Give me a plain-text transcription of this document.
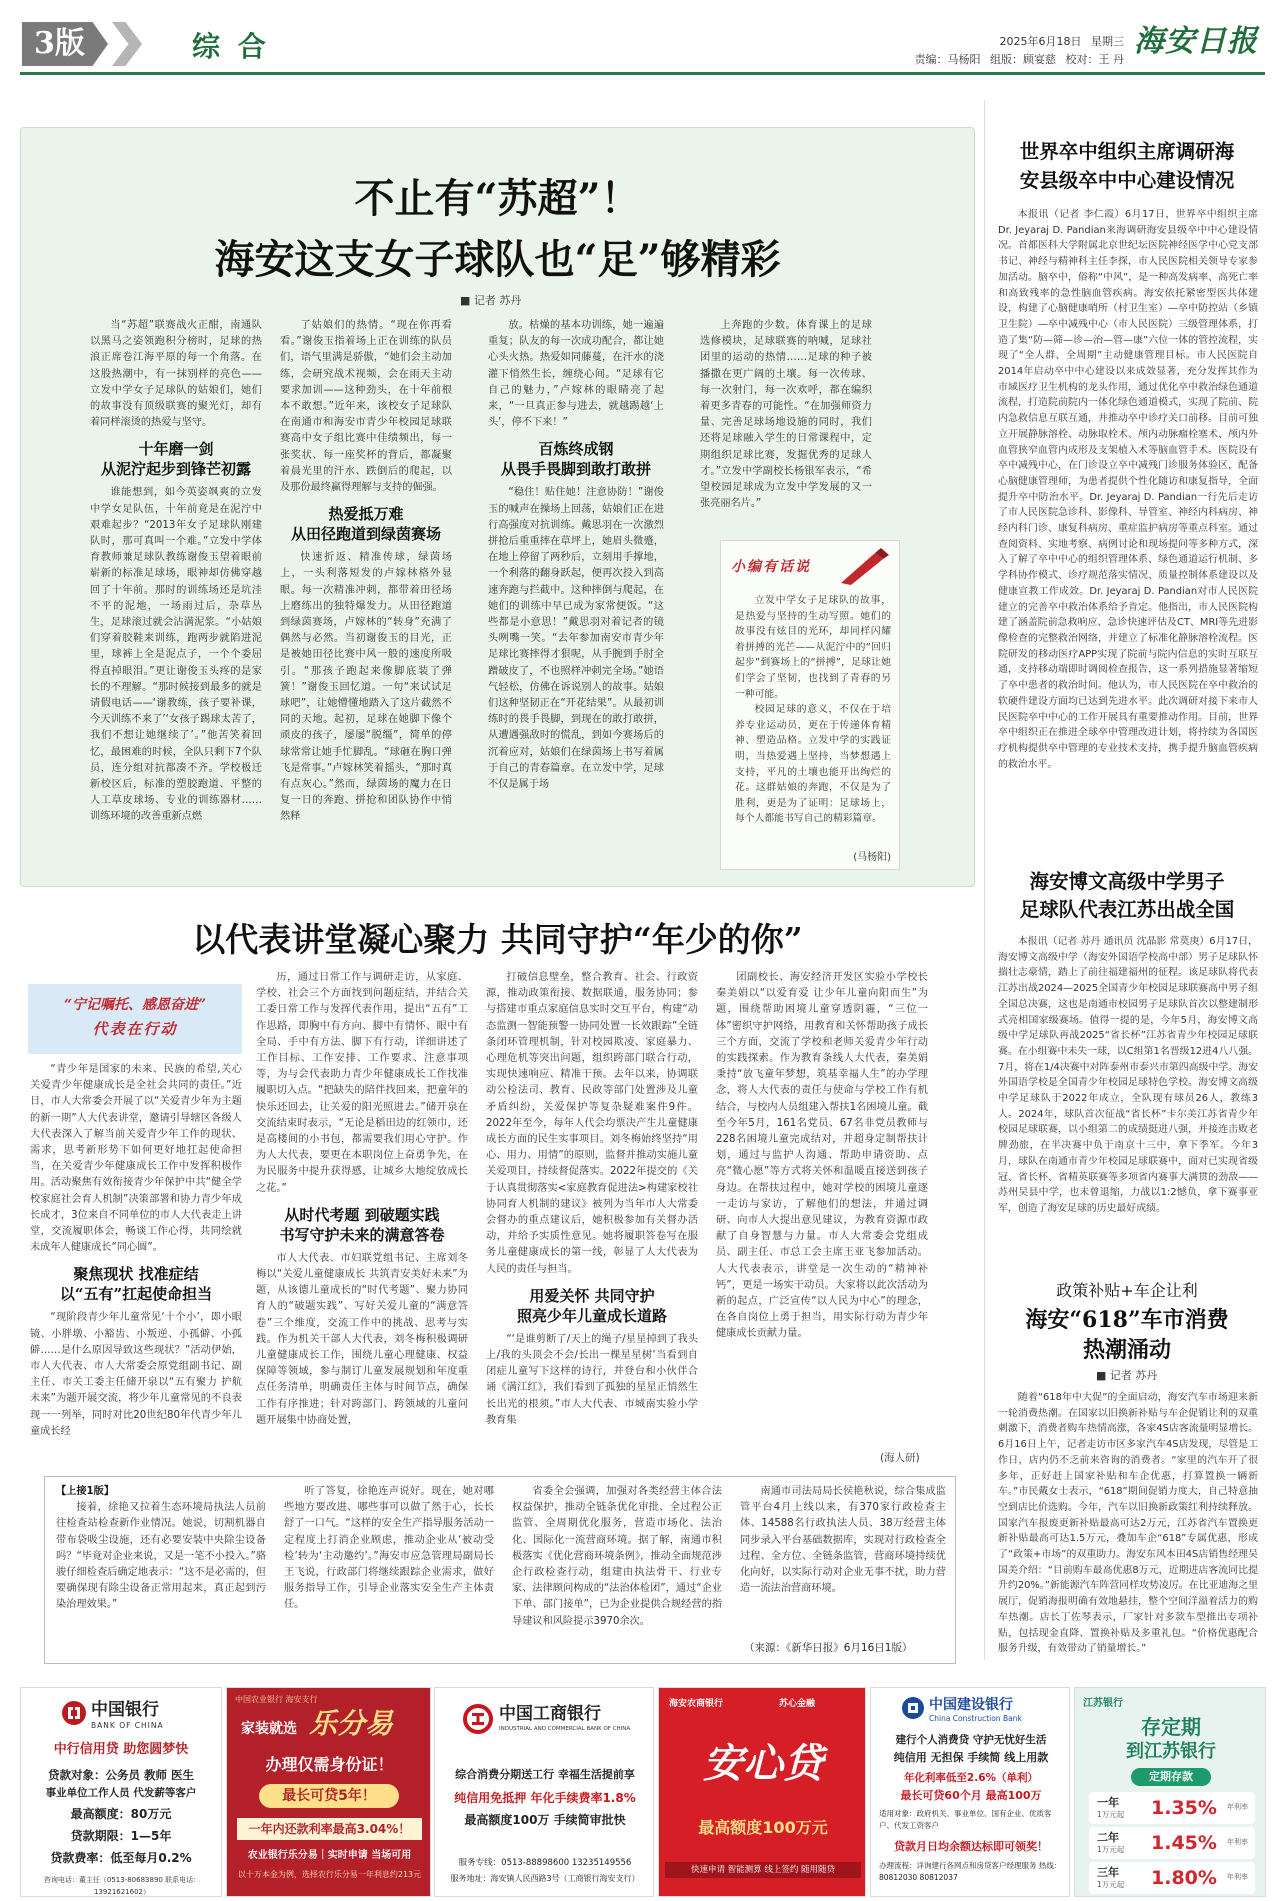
3版	综 合	2025年6月18日 星期三
责编：马杨阳 组版：顾宴慈 校对：王 丹
海安日报
不止有“苏超”！
海安这支女子球队也“足”够精彩
■ 记者 苏丹

当“苏超”联赛战火正酣，南通队以黑马之姿领跑积分榜时，足球的热浪正席卷江海平原的每一个角落。在这股热潮中，有一抹别样的亮色——立发中学女子足球队的姑娘们，她们的故事没有顶级联赛的聚光灯，却有着同样滚烫的热爱与坚守。

十年磨一剑
从泥泞起步到锋芒初露

谁能想到，如今英姿飒爽的立发中学女足队伍，十年前竟是在泥泞中艰难起步？“2013年女子足球队刚建队时，那可真叫一个难。”立发中学体育教师兼足球队教练谢俊玉望着眼前崭新的标准足球场，眼神却仿佛穿越回了十年前。那时的训练场还是坑洼不平的泥地，一场雨过后，杂草丛生，足球滚过就会沾满泥浆。“小姑娘们穿着胶鞋来训练，跑两步就陷进泥里，球裤上全是泥点子，一个个委屈得直掉眼泪。”更让谢俊玉头疼的是家长的不理解。“那时候接到最多的就是请假电话——‘谢教练，孩子要补课，今天训练不来了’‘女孩子踢球太苦了，我们不想让她继续了’。”他苦笑着回忆，最困难的时候，全队只剩下7个队员，连分组对抗都凑不齐。学校极迁新校区后，标准的塑胶跑道、平整的人工草皮球场、专业的训练器材……训练环境的改善重新点燃

了姑娘们的热情。“现在你再看看。”谢俊玉指着场上正在训练的队员们，语气里满是骄傲，“她们会主动加练，会研究战术视频，会在雨天主动要求加训——这种劲头，在十年前根本不敢想。”近年来，该校女子足球队在南通市和海安市青少年校园足球联赛高中女子组比赛中佳绩频出，每一张奖状、每一座奖杯的背后，都凝聚着晨光里的汗水、跌倒后的爬起，以及那份最终赢得理解与支持的倔强。

热爱抵万难
从田径跑道到绿茵赛场

快速折返、精准传球，绿茵场上，一头利落短发的卢嫁林格外显眼。每一次精准冲刺，都带着田径场上磨练出的独特爆发力。从田径跑道到绿茵赛场，卢嫁林的“转身”充满了偶然与必然。当初谢俊玉的目光，正是被她田径比赛中风一般的速度所吸引。“那孩子跑起来像脚底装了弹簧！”谢俊玉回忆道。一句“来试试足球吧”，让她懵懂地踏入了这片截然不同的天地。起初，足球在她脚下像个顽皮的孩子，屡屡“脱缰”，简单的停球常常让她手忙脚乱。“球砸在胸口弹飞是常事。”卢嫁林笑着摇头，“那时真有点灰心。”然而，绿茵场的魔力在日复一日的奔跑、拼抢和团队协作中悄然释

放。枯燥的基本功训练，她一遍遍重复；队友的每一次成功配合，都让她心头火热。热爱如同藤蔓，在汗水的浇灌下悄然生长，缠绕心间。“足球有它自己的魅力，”卢嫁林的眼睛亮了起来，“一旦真正参与进去，就越踢越‘上头’，停不下来！”

百炼终成钢
从畏手畏脚到敢打敢拼

“稳住！贴住她！注意协防！”谢俊玉的喊声在操场上回荡，姑娘们正在进行高强度对抗训练。戴思羽在一次激烈拼抢后重重摔在草坪上，她眉头微蹙，在地上停留了两秒后，立刻用手撑地，一个利落的翻身跃起，便再次投入到高速奔跑与拦截中。这种摔倒与爬起，在她们的训练中早已成为家常便饭。“这些都是小意思！”戴思羽对着记者的镜头咧嘴一笑。“去年参加南安市青少年足球比赛摔得才狠呢，从手腕到手肘全蹭破皮了，不也照样冲刺完全场。”她语气轻松，仿佛在诉说别人的故事。姑娘们这种坚韧正在“开花结果”。从最初训练时的畏手畏脚，到现在的敢打敢拼，从遭遇强敌时的慌乱，到如今赛场后的沉着应对，姑娘们在绿茵场上书写着属于自己的青春篇章。在立发中学，足球不仅是属于场

上奔跑的少数。体育课上的足球选修模块，足球联赛的呐喊，足球社团里的运动的热情……足球的种子被播撒在更广阔的土壤。每一次传球、每一次射门，每一次欢呼，都在编织着更多青春的可能性。“在加强师资力量、完善足球场地设施的同时，我们还将足球融入学生的日常课程中，定期组织足球比赛，发掘优秀的足球人才。”立发中学副校长杨银军表示，“希望校园足球成为立发中学发展的又一张亮丽名片。”

小编有话说

立发中学女子足球队的故事，是热爱与坚持的生动写照。她们的故事没有炫目的光环，却同样闪耀着拼搏的光芒——从泥泞中的“回归起步”到赛场上的“拼搏”，足球让她们学会了坚韧，也找到了青春的另一种可能。

校园足球的意义，不仅在于培养专业运动员，更在于传递体育精神、塑造品格。立发中学的实践证明，当热爱遇上坚持，当梦想遇上支持，平凡的土壤也能开出绚烂的花。这群姑娘的奔跑，不仅是为了胜利，更是为了证明：足球场上，每个人都能书写自己的精彩篇章。

(马杨阳)
以代表讲堂凝心聚力 共同守护“年少的你”
“宁记嘱托、感恩奋进”
代表在行动

“青少年是国家的未来、民族的希望,关心关爱青少年健康成长是全社会共同的责任。”近日，市人大常委会开展了以“关爱青少年为主题的新一期”人大代表讲堂，邀请引导辖区各级人大代表深入了解当前关爱青少年工作的现状、需求，思考新形势下如何更好地扛起使命担当，在关爱青少年健康成长工作中发挥积极作用。活动聚焦有效衔接青少年保护中共“健全学校家庭社会育人机制”决策部署和协力青少年成长成才，3位来自不同单位的市人大代表走上讲堂，交流履职体会，畅谈工作心得，共同绘就未成年人健康成长“同心圆”。

聚焦现状 找准症结
以“五有”扛起使命担当

“现阶段青少年儿童常见‘十个小’，即小眼镜、小胖墩、小豁齿、小叛逆、小孤僻、小孤僻……是什么原因导致这些现状？”活动伊始，市人大代表、市人大常委会原党组副书记、副主任、市关工委主任储开泉以“五有聚力 护航未来”为题开展交流，将少年儿童常见的不良表现一一列举，同时对比20世纪80年代青少年儿童成长经

历，通过日常工作与调研走访，从家庭、学校、社会三个方面找到问题症结，并结合关工委日常工作与发挥代表作用，提出“五有”工作思路，即胸中有方向、脚中有情怀、眼中有全局、手中有方法、脚下有行动，详细讲述了工作目标、工作安排、工作要求、注意事项等，为与会代表助力青少年健康成长工作找准履职切入点。“把缺失的陪伴找回来，把童年的快乐还回去，让关爱的阳光照进去。”储开泉在交流结束时表示，“无论是稻田边的红领巾，还是高楼间的小书包，都需要我们用心守护。作为人大代表，要更在本职岗位上奋勇争先，在为民服务中提升获得感，让城乡大地绽放成长之花。”

从时代考题 到破题实践
书写守护未来的满意答卷

市人大代表、市妇联党组书记、主席刘冬梅以“关爱儿童健康成长 共筑青安美好未来”为题，从该德儿童成长的“时代考题”、聚力协同育人的“破题实践”、写好关爱儿童的“满意答卷”三个维度，交流工作中的挑战、思考与实践。作为机关干部人大代表，刘冬梅积极调研儿童健康成长工作，围绕儿童心理健康、权益保障等领域，参与制订儿童发展规划和年度重点任务清单，明确责任主体与时间节点，确保工作有序推进；针对跨部门、跨领域的儿童问题开展集中协商处置，

打破信息壁垒，整合教育、社会、行政资源，推动政策衔接、数据联通，服务协同；参与搭建市重点家庭信息实时交互平台，构建“动态监测一智能预警一协同处置一长效跟踪”全链条闭环管理机制，针对校园欺凌、家庭暴力、心理危机等突出问题，组织跨部门联合行动，实现快速响应、精准干预。去年以来，协调联动公检法司、教育、民政等部门处置涉及儿童矛盾纠纷，关爱保护等复杂疑难案件9件。2022年至今，每年人代会均票决产生儿童健康成长方面的民生实事项目。刘冬梅始终坚持“用心、用力、用情”的原则，监督并推动实施儿童关爱项目，持续督促落实。2022年提交的《关于认真贯彻落实<家庭教育促进法>构建家校社协同育人机制的建议》被列为当年市人大常委会督办的重点建议后，她积极参加有关督办活动，并给予实质性意见。她将履职答卷写在服务儿童健康成长的第一线，彰显了人大代表为人民的责任与担当。

用爱关怀 共同守护
照亮少年儿童成长道路

“‘是谁剪断了/天上的绳子/星星掉到了我头上/我的头顶会不会/长出一棵星星树’当看到自闭症儿童写下这样的诗行，并登台和小伙伴合诵《满江红》，我们看到了孤独的星星正悄然生长出光的根须。”市人大代表、市城南实验小学教育集

团副校长、海安经济开发区实验小学校长秦美娟以“以爱育爱 让少年儿童向阳而生”为题，围绕帮助困境儿童穿透阴霾，“三位一体”密织守护网络，用教育和关怀帮助孩子成长三个方面，交流了学校和老师关爱青少年行动的实践探索。作为教育条线人大代表，秦美娟秉持“放飞童年梦想，筑基幸福人生”的办学理念，将人大代表的责任与使命与学校工作有机结合，与校内人员组建入帮扶1名困境儿童。截至今年5月，161名党员、67名非党员教师与228名困境儿童完成结对，并超身定制帮扶计划，通过与监护人沟通、帮助申请资助、点亮“微心愿”等方式将关怀和温暖直接送到孩子身边。在帮扶过程中，她对学校的困境儿童逐一走访与家访，了解他们的想法，并通过调研、向市人大提出意见建议，为教育资源市政献了自身智慧与力量。市人大常委会党组成员、副主任、市总工会主席王亚飞参加活动。人大代表表示，讲堂是一次生动的“精神补钙”，更是一场实干动员。大家将以此次活动为新的起点，广泛宣传“以人民为中心”的理念，在各自岗位上勇于担当，用实际行动为青少年健康成长贡献力量。

(海人研)
【上接1版】

接着，徐艳又拉着生态环境局执法人员前往检查站检查新作业情况。她说，切割机器自带布袋吸尘设施，还有必要安装中央除尘设备吗？“毕竟对企业来说，又是一笔不小投入。”骆骏仔细检查后确定地表示：“这不是必需的，但要确保现有除尘设备正常用起来，真正起到污染治理效果。”

听了答复，徐艳连声说好。现在，她对哪些地方要改进、哪些事可以做了然于心，长长舒了一口气。“这样的安全生产指导服务活动一定程度上打消企业顾虑，推动企业从‘被动受检’转为‘主动邀约’。”海安市应急管理局副局长王飞说，行政部门将继续跟踪企业需求，做好服务指导工作，引导企业落实安全生产主体责任。

省委全会强调，加强对各类经营主体合法权益保护，推动全链条优化审批、全过程公正监管、全周期优化服务，营造市场化、法治化、国际化一流营商环境。据了解，南通市积极落实《优化营商环境条例》，推动全面规范涉企行政检查行动，组建由执法骨干、行业专家、法律顾问构成的“法治体检团”，通过“企业下单、部门接单”，已为企业提供合规经营的指导建议和风险提示3970余次。

南通市司法局局长侯艳秋说，综合集成监管平台4月上线以来，有370家行政检查主体、14588名行政执法人员、38万经营主体同步录入平台基础数据库，实现对行政检查全过程、全方位、全链条监管，营商环境持续优化向好，以实际行动对企业无事不扰，助力营造一流法治营商环境。

（来源：《新华日报》6月16日1版）
世界卒中组织主席调研海
安县级卒中中心建设情况

本报讯（记者 李仁霞）6月17日，世界卒中组织主席Dr. Jeyaraj D. Pandian来海调研海安县级卒中中心建设情况。首都医科大学附属北京世纪坛医院神经医学中心党支部书记、神经与精神科主任李探，市人民医院相关领导专家参加活动。脑卒中，俗称“中风”，是一种高发病率、高死亡率和高致残率的急性脑血管疾病。海安依托紧密型医共体建设，构建了心脑健康哨所（村卫生室）—卒中防控站（乡镇卫生院）—卒中减残中心（市人民医院）三级管理体系，打造了集“防—筛—诊—治—管—康”六位一体的管控流程，实现了“全人群、全周期”主动健康管理目标。市人民医院自2014年启动卒中中心建设以来成效显著，充分发挥其作为市域医疗卫生机构的龙头作用，通过优化卒中救治绿色通道流程，打造院前院内一体化绿色通道模式，实现了院前、院内急救信息互联互通，并推动卒中诊疗关口前移。目前可独立开展静脉溶栓、动脉取栓术、颅内动脉瘤栓塞术、颅内外血管狭窄血管内成形及支架植入术等脑血管手术。医院设有卒中减残中心，在门诊设立卒中减残门诊服务体验区，配备心脑健康管理师，为患者提供个性化随访和康复指导，全面提升卒中防治水平。Dr. Jeyaraj D. Pandian一行先后走访了市人民医院急诊科、影像科、导管室、神经内科病房、神经内科门诊、康复科病房、重症监护病房等重点科室。通过查阅资料、实地考察、病例讨论和现场提问等多种方式，深入了解了卒中中心的组织管理体系、绿色通道运行机制、多学科协作模式、诊疗规范落实情况、质量控制体系建设以及健康宣教工作成效。Dr. Jeyaraj D. Pandian对市人民医院建立的完善卒中救治体系给予肯定。他指出，市人民医院构建了涵盖院前急救响应、急诊快速评估及CT、MRI等先进影像检查的完整救治网络，并建立了标准化静脉溶栓流程。医院研发的移动医疗APP实现了院前与院内信息的实时互联互通，支持移动端即时调阅检查报告，这一系列措施显著缩短了卒中患者的救治时间。他认为，市人民医院在卒中救治的软硬件建设方面均已达到先进水平。此次调研对接下来市人民医院卒中中心的工作开展具有重要推动作用。目前，世界卒中组织正在推进全球卒中管理改进计划，将持续为各国医疗机构提供卒中管理的专业技术支持，携手提升脑血管疾病的救治水平。

海安博文高级中学男子
足球队代表江苏出战全国

本报讯（记者 苏丹 通讯员 沈晶影 常莫庚）6月17日，海安博文高级中学（海安外国语学校高中部）男子足球队怀揣壮志豪情，踏上了前往福建福州的征程。该足球队将代表江苏出战2024—2025全国青少年校园足球联赛高中男子组全国总决赛，这也是南通市校园男子足球队首次以整建制形式亮相国家级赛场。值得一提的是，今年5月，海安博文高级中学足球队再战2025“省长杯”江苏省青少年校园足球联赛。在小组赛中未失一球，以C组第1名晋级12进4八八强。7月，将在1/4决赛中对阵泰州市泰兴市第四高级中学。海安外国语学校是全国青少年校园足球特色学校。海安博文高级中学足球队于2022年成立，全队现有球员26人，教练3人。2024年，球队首次征战“省长杯”卡尔美江苏省青少年校园足球联赛，以小组第二的成绩挺进八强，并接连击败老牌劲旅，在半决赛中负于南京十三中，拿下季军。今年3月，球队在南通市青少年校园足球联赛中，面对已实现省级冠、省长杯、省精英联赛等多项省内赛事大满贯的劲敌——苏州吴县中学，也未曾退缩，力战以1:2憾负，拿下赛事亚军，创造了海安足球的历史最好成绩。

政策补贴+车企让利
海安“618”车市消费
热潮涌动
■ 记者 苏丹

随着“618年中大促”的全面启动，海安汽车市场迎来新一轮消费热潮。在国家以旧换新补贴与车企促销让利的双重刺激下，消费者购车热情高涨，各家4S店客流量明显增长。6月16日上午，记者走访市区多家汽车4S店发现，尽管是工作日，店内仍不乏前来咨询的消费者。“家里的汽车开了很多年，正好赶上国家补贴和车企优惠，打算置换一辆新车。”市民戴女士表示，“618”期间促销力度大，自己特意抽空到店比价选购。今年，汽车以旧换新政策红利持续释放。国家汽车报废更新补贴最高可达2万元，江苏省汽车置换更新补贴最高可达1.5万元，叠加车企“618”专属优惠，形成了“政策+市场”的双重助力。海安东风本田4S店销售经理吴国美介绍：“目前购车最高优惠8万元，近期进店客流同比提升约20%。”新能源汽车阵营同样攻势凌厉。在比亚迪海之里展厅，促销海报明确有效地悬挂，整个空间洋溢着活力的购车热潮。店长丁佐琴表示，厂家针对多款车型推出专项补贴，包括现金直降、置换补贴及多重礼包。“价格优惠配合服务升级，有效带动了销量增长。”

中国银行
BANK OF CHINA
中行信用贷 助您圆梦快
贷款对象：公务员 教师 医生
事业单位工作人员 代发薪等客户
最高额度：80万元
贷款期限：1—5年
贷款费率：低至每月0.2%
咨询电话：董主任（0513-80683890 联系电话：13921621602）
中国农业银行 海安支行
家装就选 乐分易
办理仅需身份证！
最长可贷5年！
一年内还款利率最高3.04%！
农业银行乐分易｜实时申请 当场可用
以十万本金为例，选择农行乐分易一年利息约213元
中国工商银行
INDUSTRIAL AND COMMERCIAL BANK OF CHINA
综合消费分期送工行 幸福生活提前享
纯信用免抵押 年化手续费率1.8%
最高额度100万 手续简审批快
服务专线：0513-88898600 13235149556
服务地址：海安镇人民西路3号（工商银行海安支行）
海安农商银行	苏心金融
安心贷
最高额度100万元
快速申请 智能测算 线上签约 随用随贷
中国建设银行
China Construction Bank
建行个人消费贷 守护无忧好生活
纯信用 无担保 手续简 线上用款
年化利率低至2.6%（单利）
最长可贷60个月 最高100万
适用对象：政府机关、事业单位、国有企业、优质客户、代发工资客户
贷款月日均余额达标即可领奖！
办理流程：详询建行各网点和房贷客户经理服务 热线：80812030 80812037
江苏银行
存定期
到江苏银行
定期存款
一年
1万元起 1.35% 年利率
二年
1万元起 1.45% 年利率
三年
1万元起 1.80% 年利率
